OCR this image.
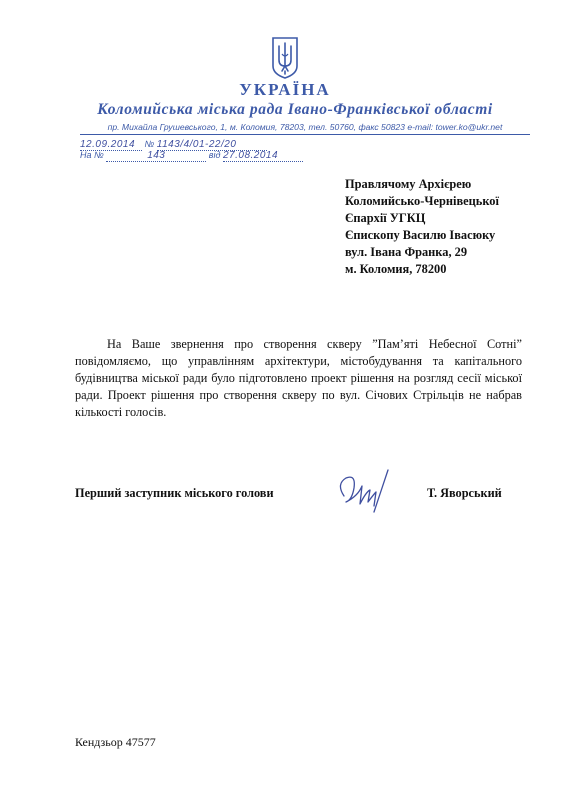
УКРАЇНА
Коломийська міська рада Івано-Франківської області
пр. Михайла Грушевського, 1, м. Коломия, 78203, тел. 50760, факс 50823 e-mail: tower.ko@ukr.net
12.09.2014 № 1143/4/01-22/20
На №	143	від 27.08.2014
Правлячому Архієрею
Коломийсько-Чернівецької
Єпархії УГКЦ
Єпископу Василю Івасюку
вул. Івана Франка, 29
м. Коломия, 78200
На Ваше звернення про створення скверу ”Пам’яті Небесної Сотні” повідомляємо, що управлінням архітектури, містобудування та капітального будівництва міської ради було підготовлено проект рішення на розгляд сесії міської ради. Проект рішення про створення скверу по вул. Січових Стрільців не набрав кількості голосів.
Перший заступник міського голови	Т. Яворський
Кендзьор 47577
